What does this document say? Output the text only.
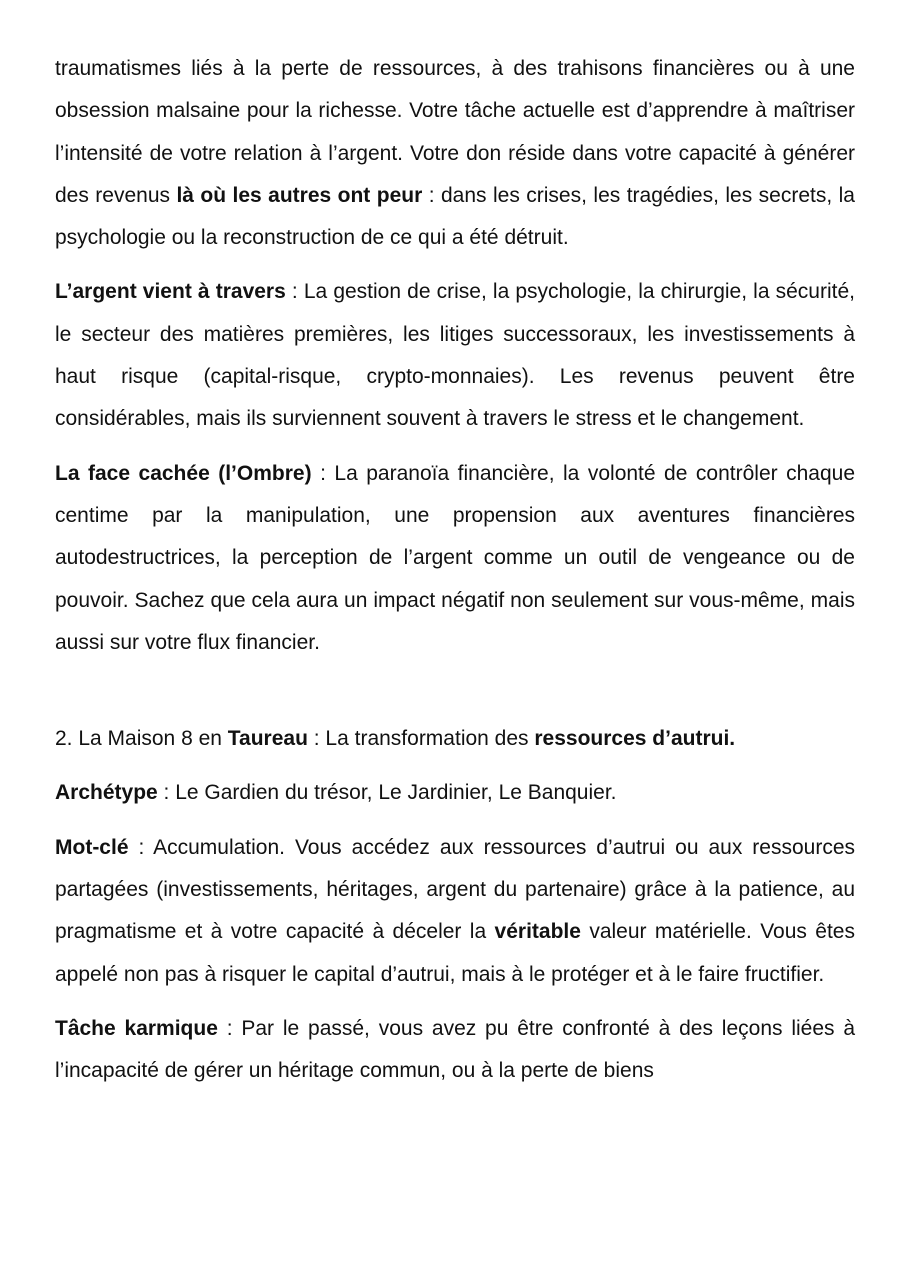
traumatismes liés à la perte de ressources, à des trahisons financières ou à une obsession malsaine pour la richesse. Votre tâche actuelle est d’apprendre à maîtriser l’intensité de votre relation à l’argent. Votre don réside dans votre capacité à générer des revenus là où les autres ont peur : dans les crises, les tragédies, les secrets, la psychologie ou la reconstruction de ce qui a été détruit.

L’argent vient à travers : La gestion de crise, la psychologie, la chirurgie, la sécurité, le secteur des matières premières, les litiges successoraux, les investissements à haut risque (capital-risque, crypto-monnaies). Les revenus peuvent être considérables, mais ils surviennent souvent à travers le stress et le changement.

La face cachée (l’Ombre) : La paranoïa financière, la volonté de contrôler chaque centime par la manipulation, une propension aux aventures financières autodestructrices, la perception de l’argent comme un outil de vengeance ou de pouvoir. Sachez que cela aura un impact négatif non seulement sur vous-même, mais aussi sur votre flux financier.

2. La Maison 8 en Taureau : La transformation des ressources d’autrui.

Archétype : Le Gardien du trésor, Le Jardinier, Le Banquier.

Mot-clé : Accumulation. Vous accédez aux ressources d’autrui ou aux ressources partagées (investissements, héritages, argent du partenaire) grâce à la patience, au pragmatisme et à votre capacité à déceler la véritable valeur matérielle. Vous êtes appelé non pas à risquer le capital d’autrui, mais à le protéger et à le faire fructifier.

Tâche karmique : Par le passé, vous avez pu être confronté à des leçons liées à l’incapacité de gérer un héritage commun, ou à la perte de biens
